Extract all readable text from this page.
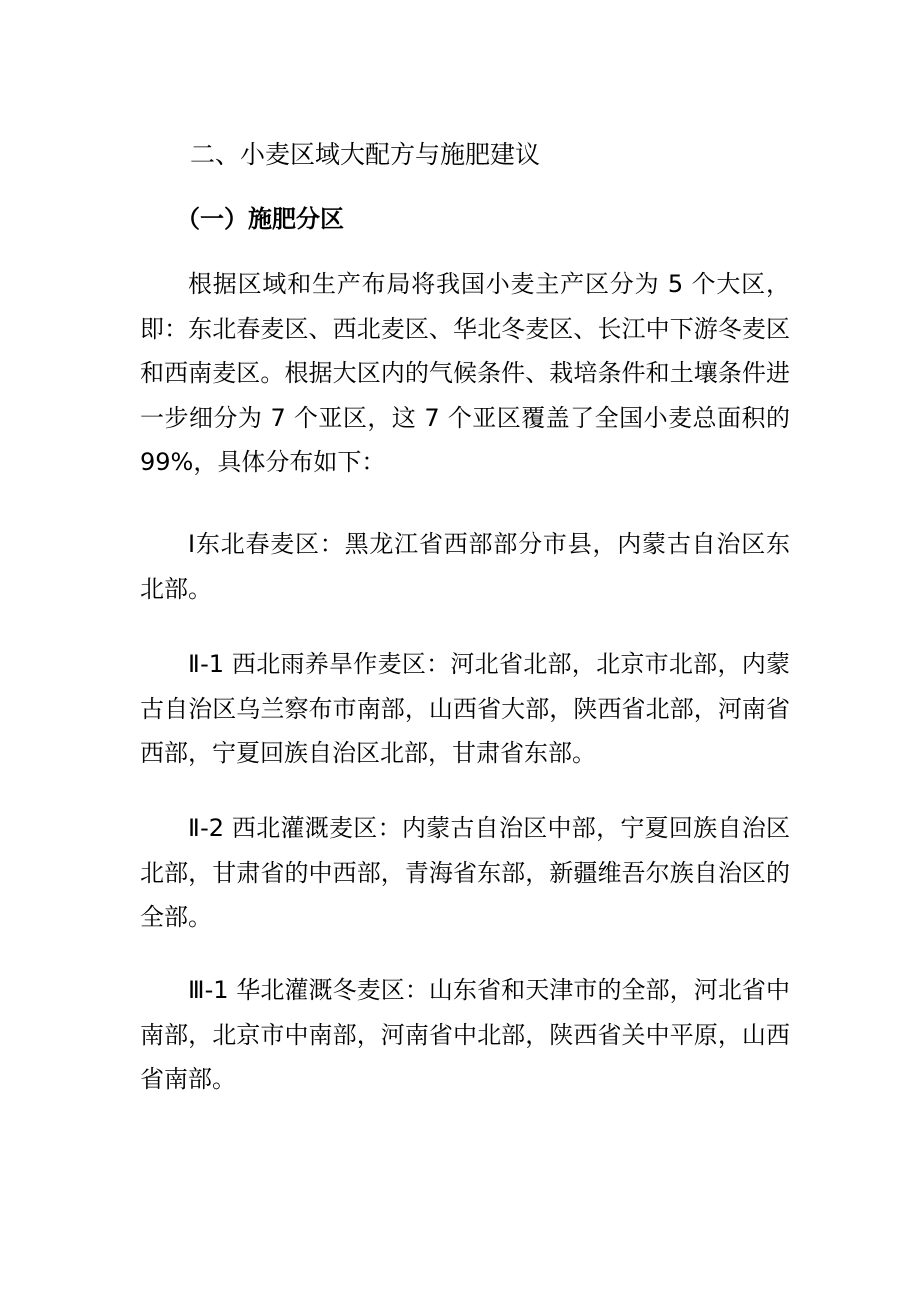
二、小麦区域大配方与施肥建议
（一）施肥分区

根据区域和生产布局将我国小麦主产区分为 5 个大区，即：东北春麦区、西北麦区、华北冬麦区、长江中下游冬麦区和西南麦区。根据大区内的气候条件、栽培条件和土壤条件进一步细分为 7 个亚区，这 7 个亚区覆盖了全国小麦总面积的 99%，具体分布如下：

Ⅰ东北春麦区：黑龙江省西部部分市县，内蒙古自治区东北部。

Ⅱ-1 西北雨养旱作麦区：河北省北部，北京市北部，内蒙古自治区乌兰察布市南部，山西省大部，陕西省北部，河南省西部，宁夏回族自治区北部，甘肃省东部。

Ⅱ-2 西北灌溉麦区：内蒙古自治区中部，宁夏回族自治区北部，甘肃省的中西部，青海省东部，新疆维吾尔族自治区的全部。

Ⅲ-1 华北灌溉冬麦区：山东省和天津市的全部，河北省中南部，北京市中南部，河南省中北部，陕西省关中平原，山西省南部。
